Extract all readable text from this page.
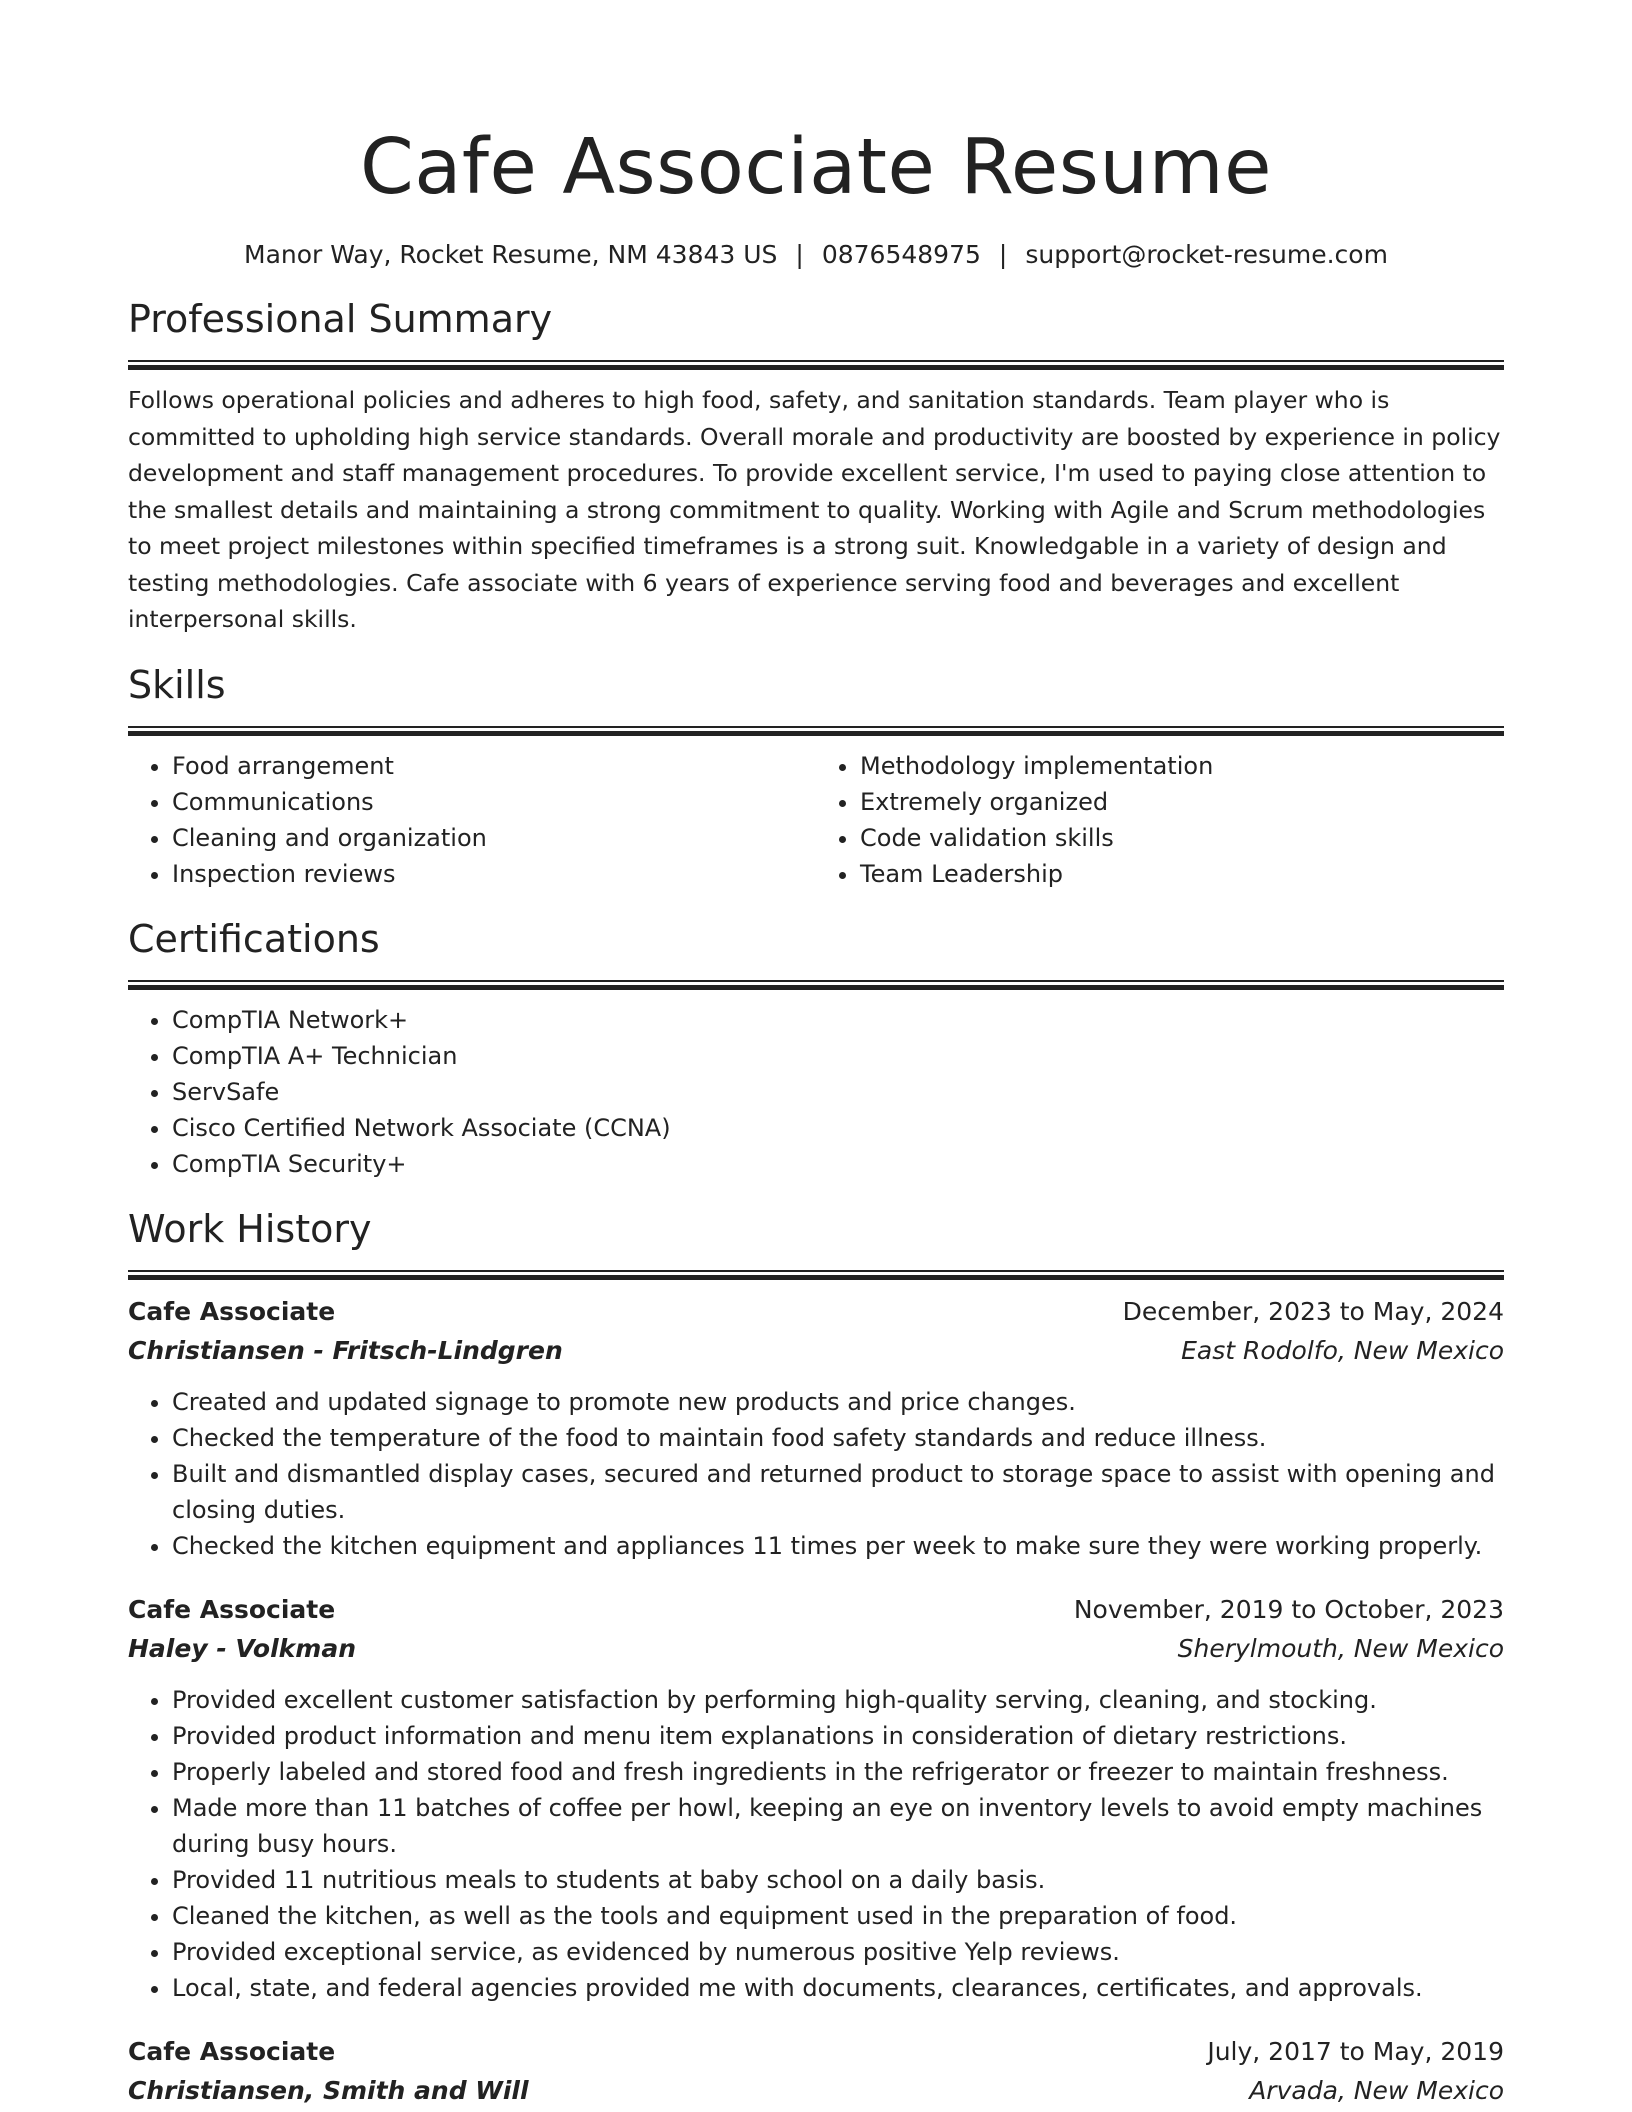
Cafe Associate Resume
Manor Way, Rocket Resume, NM 43843 US | 0876548975 | support@rocket-resume.com
Professional Summary

Follows operational policies and adheres to high food, safety, and sanitation standards. Team player who is committed to upholding high service standards. Overall morale and productivity are boosted by experience in policy development and staff management procedures. To provide excellent service, I'm used to paying close attention to the smallest details and maintaining a strong commitment to quality. Working with Agile and Scrum methodologies to meet project milestones within specified timeframes is a strong suit. Knowledgable in a variety of design and testing methodologies. Cafe associate with 6 years of experience serving food and beverages and excellent interpersonal skills.

Skills
• Food arrangement
• Communications
• Cleaning and organization
• Inspection reviews
• Methodology implementation
• Extremely organized
• Code validation skills
• Team Leadership
Certifications
• CompTIA Network+
• CompTIA A+ Technician
• ServSafe
• Cisco Certified Network Associate (CCNA)
• CompTIA Security+
Work History
Cafe Associate	December, 2023 to May, 2024
Christiansen - Fritsch-Lindgren	East Rodolfo, New Mexico
• Created and updated signage to promote new products and price changes.
• Checked the temperature of the food to maintain food safety standards and reduce illness.
• Built and dismantled display cases, secured and returned product to storage space to assist with opening and closing duties.
• Checked the kitchen equipment and appliances 11 times per week to make sure they were working properly.
Cafe Associate	November, 2019 to October, 2023
Haley - Volkman	Sherylmouth, New Mexico
• Provided excellent customer satisfaction by performing high-quality serving, cleaning, and stocking.
• Provided product information and menu item explanations in consideration of dietary restrictions.
• Properly labeled and stored food and fresh ingredients in the refrigerator or freezer to maintain freshness.
• Made more than 11 batches of coffee per howl, keeping an eye on inventory levels to avoid empty machines during busy hours.
• Provided 11 nutritious meals to students at baby school on a daily basis.
• Cleaned the kitchen, as well as the tools and equipment used in the preparation of food.
• Provided exceptional service, as evidenced by numerous positive Yelp reviews.
• Local, state, and federal agencies provided me with documents, clearances, certificates, and approvals.
Cafe Associate	July, 2017 to May, 2019
Christiansen, Smith and Will	Arvada, New Mexico
